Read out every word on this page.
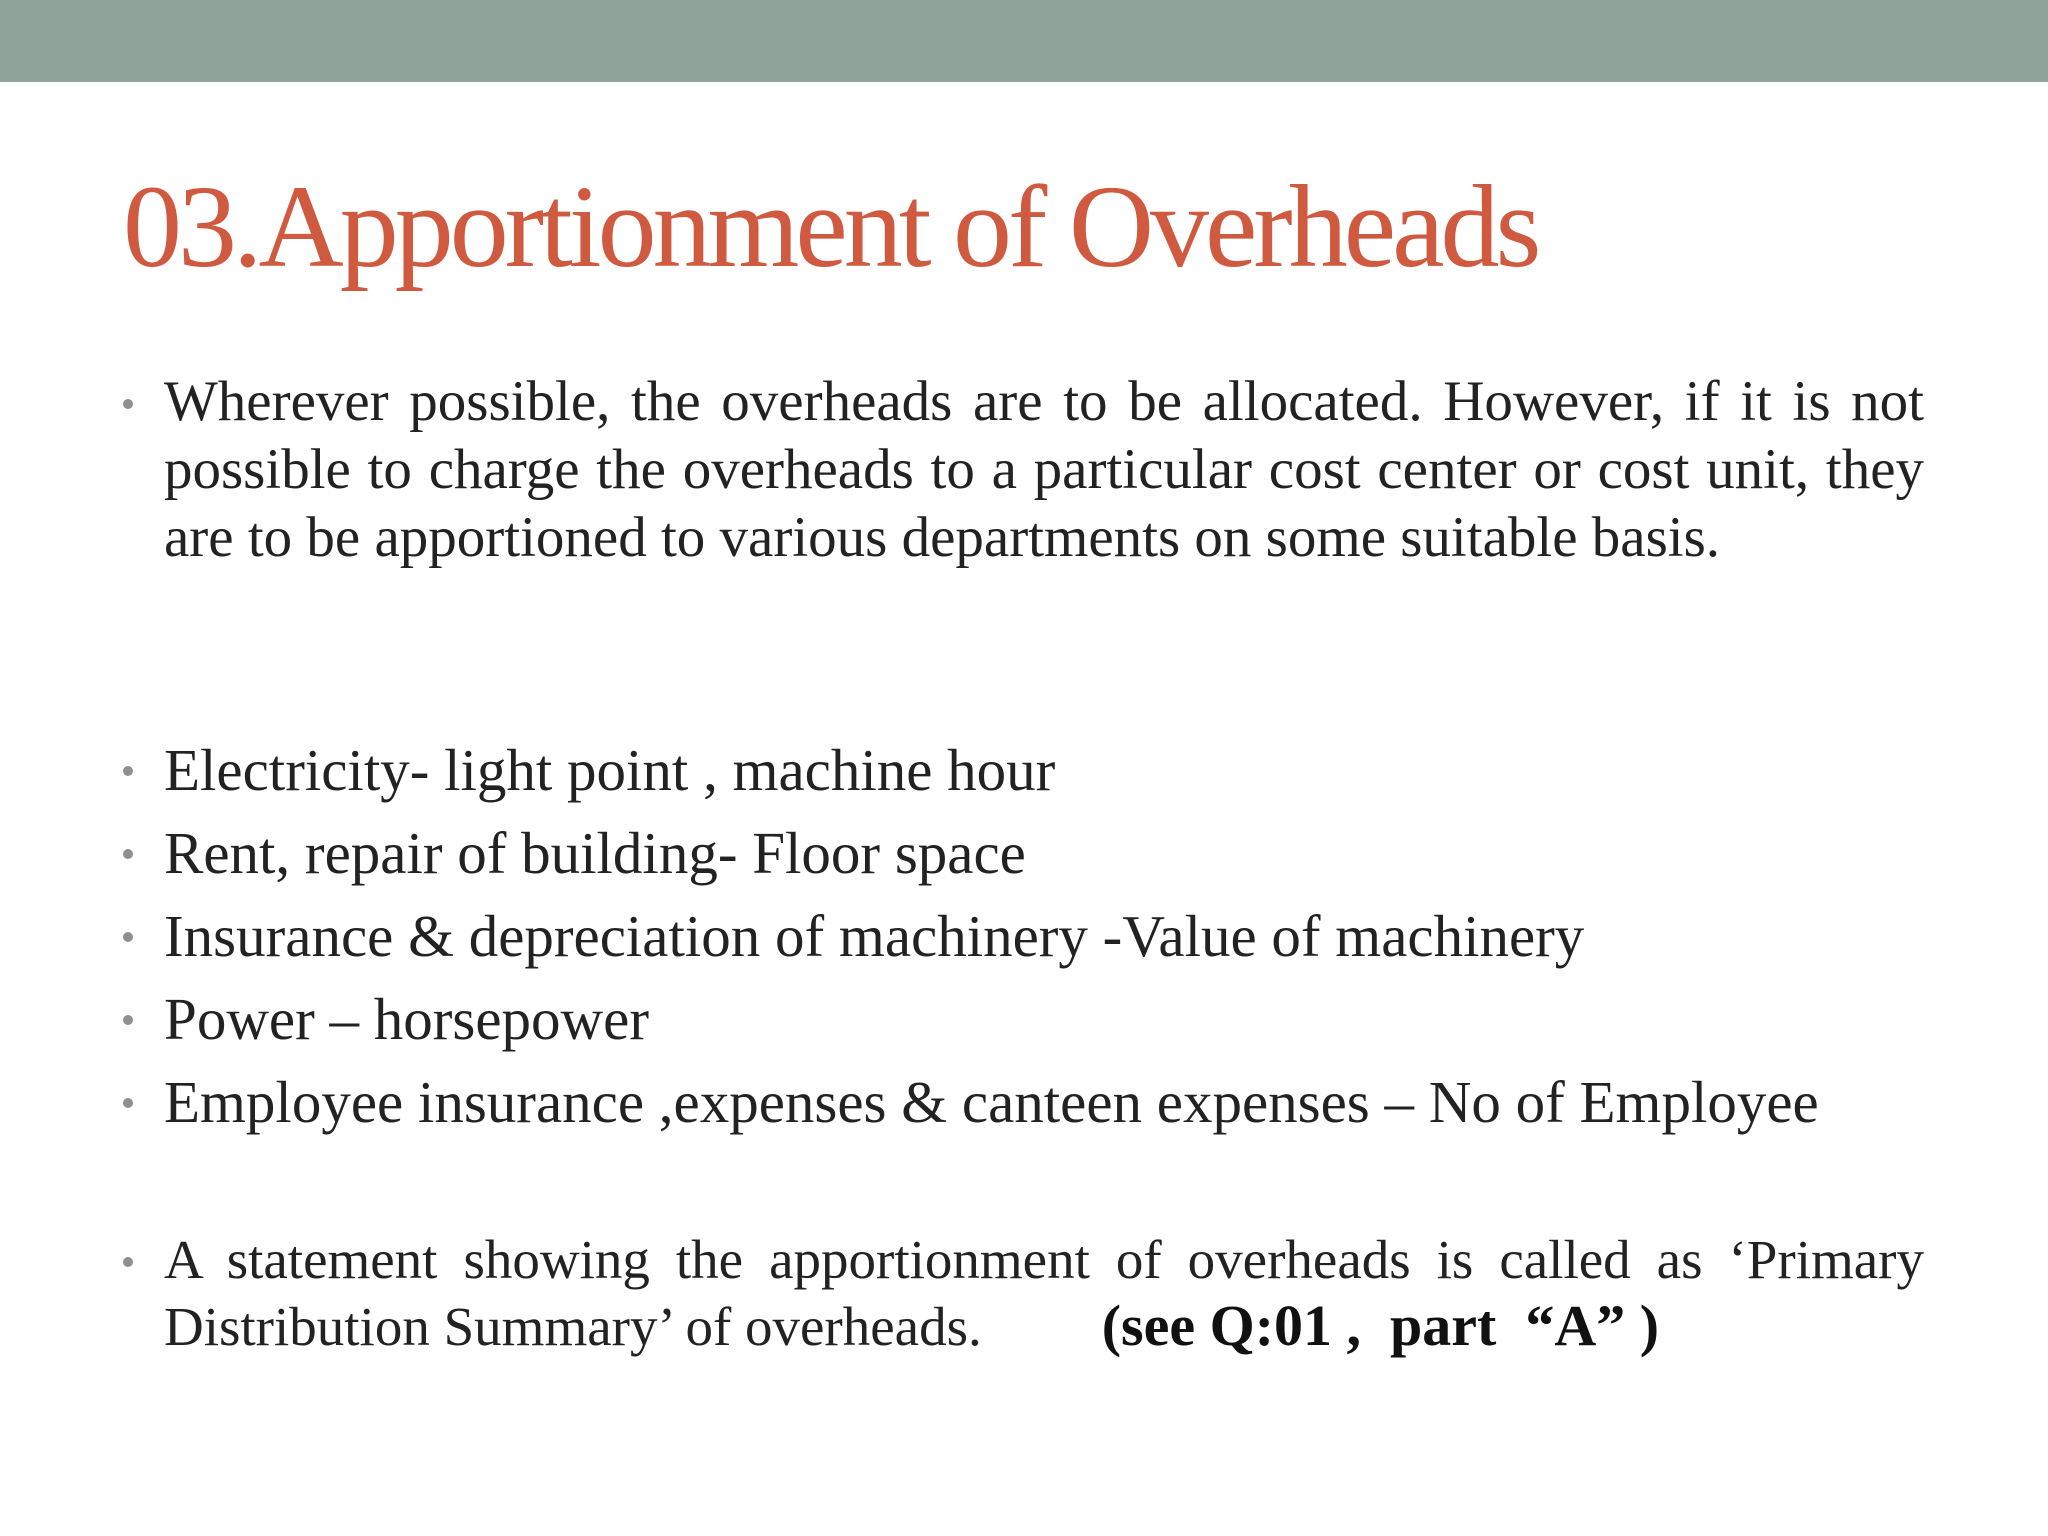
03.Apportionment of Overheads
Wherever possible, the overheads are to be allocated. However, if it is not possible to charge the overheads to a particular cost center or cost unit, they are to be apportioned to various departments on some suitable basis.
Electricity- light point , machine hour
Rent, repair of building- Floor space
Insurance & depreciation of machinery -Value of machinery
Power – horsepower
Employee insurance ,expenses & canteen expenses – No of Employee
A statement showing the apportionment of overheads is called as ‘Primary Distribution Summary’ of overheads. (see Q:01 ,  part  “A” )
